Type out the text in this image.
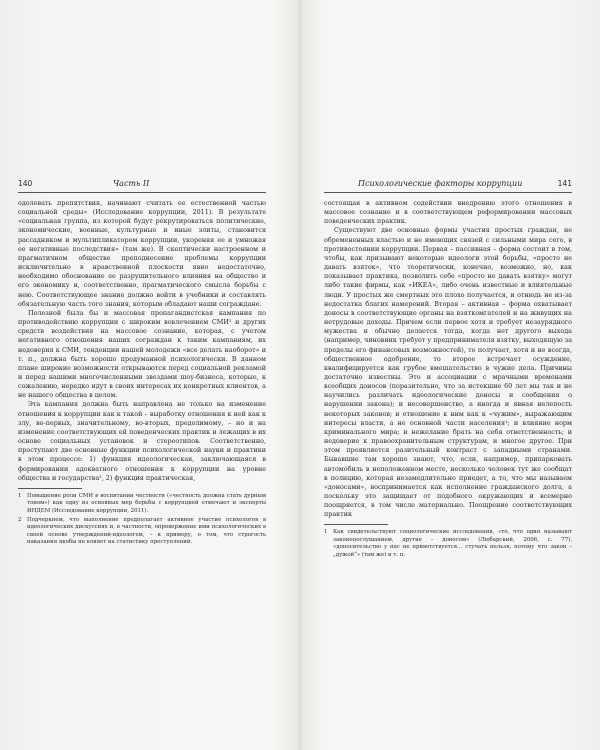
140	Часть II

одолевать препятствия, начинают считать ее естественной частью социальной среды» (Исследование коррупции, 2011). В результате «социальная группа, из которой будут рекрутироваться политические, экономические, военные, культурные и иные элиты, становится рассадником и мультипликатором коррупции, укореняя ее и умножая ее негативные последствия» (там же). В скептически настроенном и прагматичном обществе преподнесение проблемы коррупции исключительно в нравственной плоскости явно недостаточно, необходимо обоснование ее разрушительного влияния на общество и его экономику и, соответственно, прагматического смысла борьбы с нею. Соответствующее знание должно войти в учебники и составлять обязательную часть того знания, которым обладают наши сограждане.

Полезной была бы и массовая пропагандистская кампания по противодействию коррупции с широким вовлечением СМИ¹ и других средств воздействия на массовое сознание, которая, с учетом негативного отношения наших сограждан к таким кампаниям, их недоверия к СМИ, тенденции нашей молодежи «все делать наоборот» и т. п., должна быть хорошо продуманной психологически. В данном плане широкие возможности открываются перед социальной рекламой и перед нашими многочисленными звездами шоу-бизнеса, которые, к сожалению, нередко идут в своих интересах их конкретных клиентов, а не нашего общества в целом.

Эта кампания должна быть направлена не только на изменение отношения к коррупции как к такой – выработку отношения к ней как к злу, во-первых, значительному, во-вторых, предолимому, – но и на изменение соответствующих ей поведенческих практик и лежащих в их основе социальных установок и стереотипов. Соответственно, проступают две основные функции психологической науки и практики в этом процессе: 1) функция идеологическая, заключающаяся в формировании адекватного отношения к коррупции на уровне общества и государства², 2) функция практическая,

1 Повышение роли СМИ в воспитании честности («честность должна стать дурным тоном») как одну из основных мер борьбы с коррупцией отмечают и эксперты ИНДЕМ (Исследование коррупции, 2011).
2 Подчеркнем, что выполнение предполагает активное участие психологов в идеологических дискуссиях и, в частности, опровержение ими психологических в своей основе утверждений-идеологем, – к примеру, о том, что строгость наказания якобы не влияет на статистику преступлений.
Психологические факторы коррупции	141

состоящая в активном содействии внедрению этого отношения в массовое сознание и в соответствующем реформировании массовых поведенческих практик.

Существуют две основные формы участия простых граждан, не обремененных властью и не имеющих связей с сильными мира сего, в противостоянии коррупции. Первая – пассивная – форма состоит в том, чтобы, как призывают некоторые идеологи этой борьбы, «просто не давать взяток», что теоретически, конечно, возможно, но, как показывает практика, позволить себе «просто не давать взятку» могут либо такие фирмы, как «ИКЕА», либо очень известные и влиятельные люди. У простых же смертных это плохо получается, и отнюдь не из-за недостатка благих намерений. Вторая – активная – форма охватывает доносы в соответствующие органы на взяткомгателей и на живущих на нетрудовые доходы. Причем если первое хотя и требует незаурядного мужества и обычно делается тогда, когда нет другого выхода (например, чиновник требует у предпринимателя взятку, выходящую за пределы его финансовых возможностей), то получает, хотя и не всегда, общественное одобрение, то второе встречает осуждение, квалифицируется как грубое вмешательство в чужие дела. Причины достаточно известны. Это и ассоциации с мрачными временами всеобщих доносов (поразительно, что за истекшие 60 лет мы так и не научились различать идеологические доносы и сообщения о нарушении закона); и несовершенство, а иногда и явная нелепость некоторых законов; и отношение к ним как к «чужим», выражающим интересы власти, а не основной части населения¹; и влияние норм криминального мира; и нежелание брать на себя ответственность; и недоверие к правоохранительным структурам, и многое другое. При этом проявляется разительный контраст с западными странами. Бывавшие там хорошо знают, что, если, например, припарковать автомобиль в неположенном месте, несколько человек тут же сообщат в полицию, которая незамедлительно приедет, а то, что мы называем «доносами», воспринимается как исполнение гражданского долга, а поскольку это защищает от подобного окружающих и всемерно поощряется, в том числе материально. Поощрение соответствующих практик

1 Как свидетельствуют социологические исследования, «то, что один называют законопослушанием, другие – доносом» (Любарский, 2006, с. 77), «доносительство у нас не приветствуется… стучать нельзя, потому что закон – „дужой“» (там же) и т. п.
